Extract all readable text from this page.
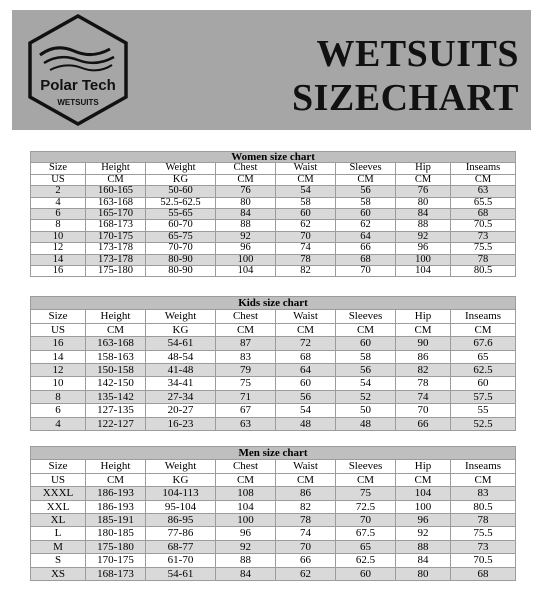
Polar Tech
WETSUITS
WETSUITS
SIZECHART
Women size chart							
Size	Height	Weight	Chest	Waist	Sleeves	Hip	Inseams
US	CM	KG	CM	CM	CM	CM	CM
2	160-165	50-60	76	54	56	76	63
4	163-168	52.5-62.5	80	58	58	80	65.5
6	165-170	55-65	84	60	60	84	68
8	168-173	60-70	88	62	62	88	70.5
10	170-175	65-75	92	70	64	92	73
12	173-178	70-70	96	74	66	96	75.5
14	173-178	80-90	100	78	68	100	78
16	175-180	80-90	104	82	70	104	80.5
Kids size chart							
Size	Height	Weight	Chest	Waist	Sleeves	Hip	Inseams
US	CM	KG	CM	CM	CM	CM	CM
16	163-168	54-61	87	72	60	90	67.6
14	158-163	48-54	83	68	58	86	65
12	150-158	41-48	79	64	56	82	62.5
10	142-150	34-41	75	60	54	78	60
8	135-142	27-34	71	56	52	74	57.5
6	127-135	20-27	67	54	50	70	55
4	122-127	16-23	63	48	48	66	52.5
Men size chart							
Size	Height	Weight	Chest	Waist	Sleeves	Hip	Inseams
US	CM	KG	CM	CM	CM	CM	CM
XXXL	186-193	104-113	108	86	75	104	83
XXL	186-193	95-104	104	82	72.5	100	80.5
XL	185-191	86-95	100	78	70	96	78
L	180-185	77-86	96	74	67.5	92	75.5
M	175-180	68-77	92	70	65	88	73
S	170-175	61-70	88	66	62.5	84	70.5
XS	168-173	54-61	84	62	60	80	68
